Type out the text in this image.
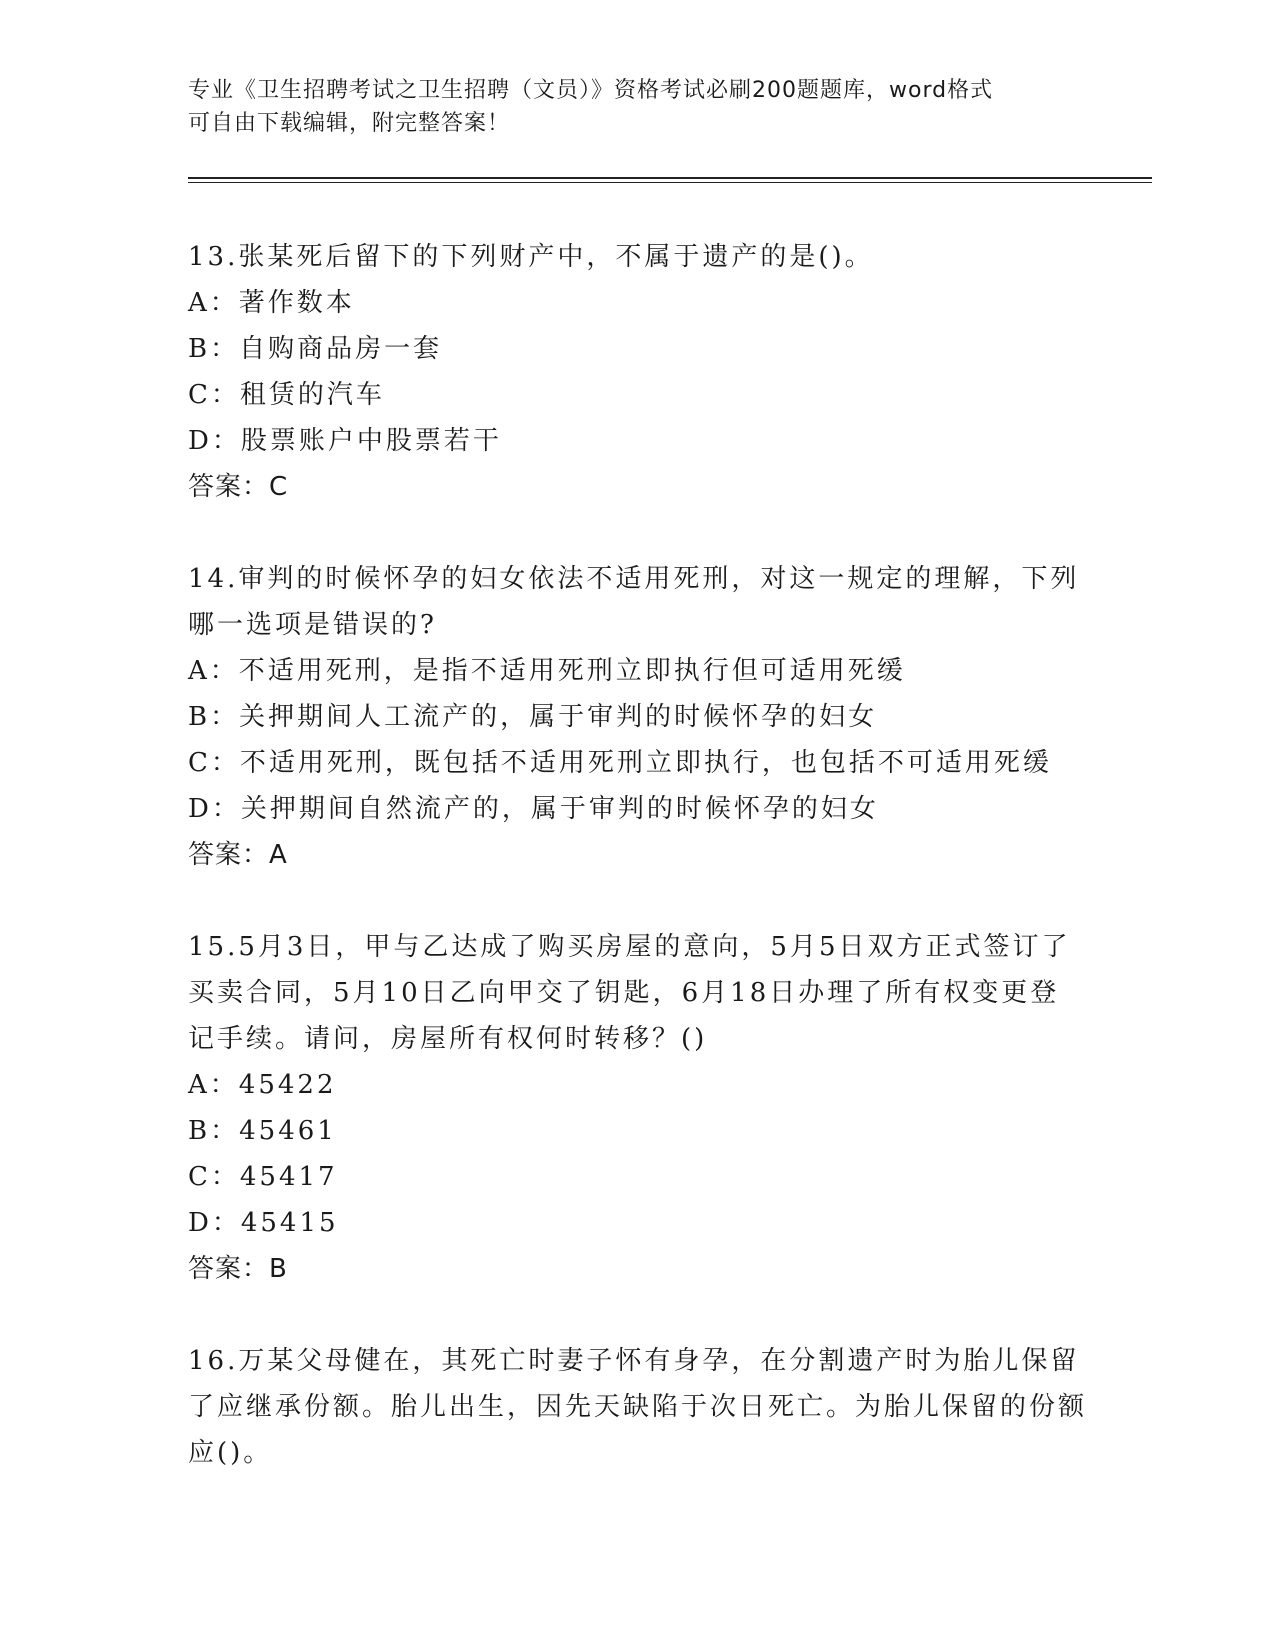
专业《卫生招聘考试之卫生招聘（文员）》资格考试必刷200题题库，word格式
可自由下载编辑，附完整答案！
13.张某死后留下的下列财产中，不属于遗产的是()。
A：著作数本
B：自购商品房一套
C：租赁的汽车
D：股票账户中股票若干
答案：C
14.审判的时候怀孕的妇女依法不适用死刑，对这一规定的理解，下列哪一选项是错误的?
A：不适用死刑，是指不适用死刑立即执行但可适用死缓
B：关押期间人工流产的，属于审判的时候怀孕的妇女
C：不适用死刑，既包括不适用死刑立即执行，也包括不可适用死缓
D：关押期间自然流产的，属于审判的时候怀孕的妇女
答案：A
15.5月3日，甲与乙达成了购买房屋的意向，5月5日双方正式签订了买卖合同，5月10日乙向甲交了钥匙，6月18日办理了所有权变更登记手续。请问，房屋所有权何时转移？()
A：45422
B：45461
C：45417
D：45415
答案：B
16.万某父母健在，其死亡时妻子怀有身孕，在分割遗产时为胎儿保留了应继承份额。胎儿出生，因先天缺陷于次日死亡。为胎儿保留的份额应()。
